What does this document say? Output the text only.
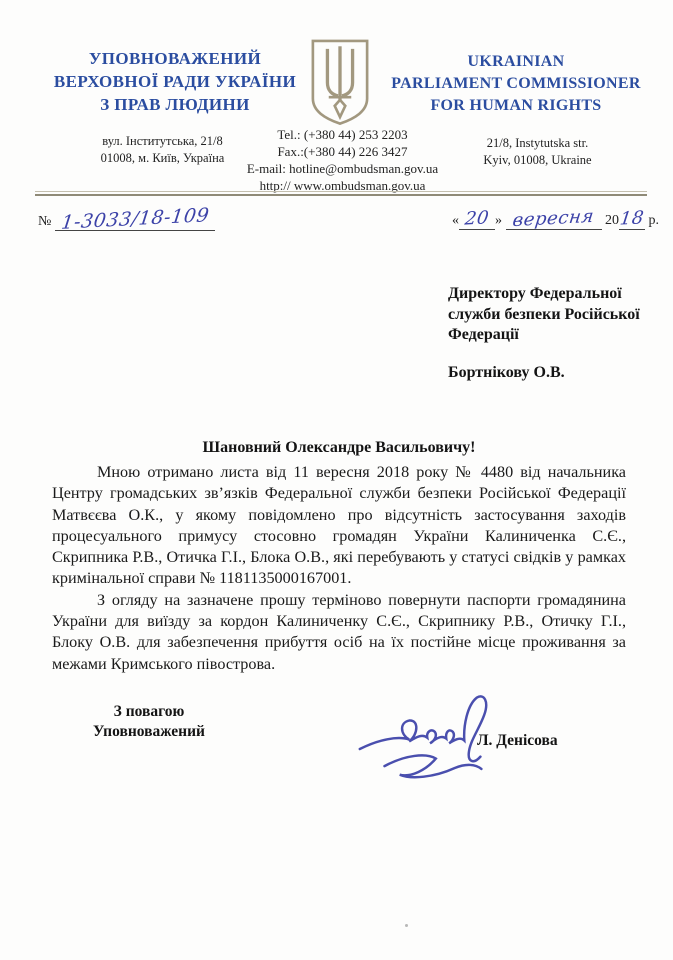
УПОВНОВАЖЕНИЙ
ВЕРХОВНОЇ РАДИ УКРАЇНИ
З ПРАВ ЛЮДИНИ
UKRAINIAN
PARLIAMENT COMMISSIONER
FOR HUMAN RIGHTS
вул. Інститутська, 21/8
01008, м. Київ, Україна
Tel.: (+380 44) 253 2203
Fax.:(+380 44) 226 3427
E-mail: hotline@ombudsman.gov.ua
http:// www.ombudsman.gov.ua
21/8, Instytutska str.
Kyiv, 01008, Ukraine
№ 1-3033/18-109	« 20 » вересня 2018 р.
Директору Федеральної
служби безпеки Російської
Федерації
Бортнікову О.В.
Шановний Олександре Васильовичу!

Мною отримано листа від 11 вересня 2018 року № 4480 від начальника Центру громадських зв’язків Федеральної служби безпеки Російської Федерації Матвєєва О.К., у якому повідомлено про відсутність застосування заходів процесуального примусу стосовно громадян України Калиниченка С.Є., Скрипника Р.В., Отичка Г.І., Блока О.В., які перебувають у статусі свідків у рамках кримінальної справи № 1181135000167001.

З огляду на зазначене прошу терміново повернути паспорти громадянина України для виїзду за кордон Калиниченку С.Є., Скрипнику Р.В., Отичку Г.І., Блоку О.В. для забезпечення прибуття осіб на їх постійне місце проживання за межами Кримського півострова.

З повагою
Уповноважений
Л. Денісова
